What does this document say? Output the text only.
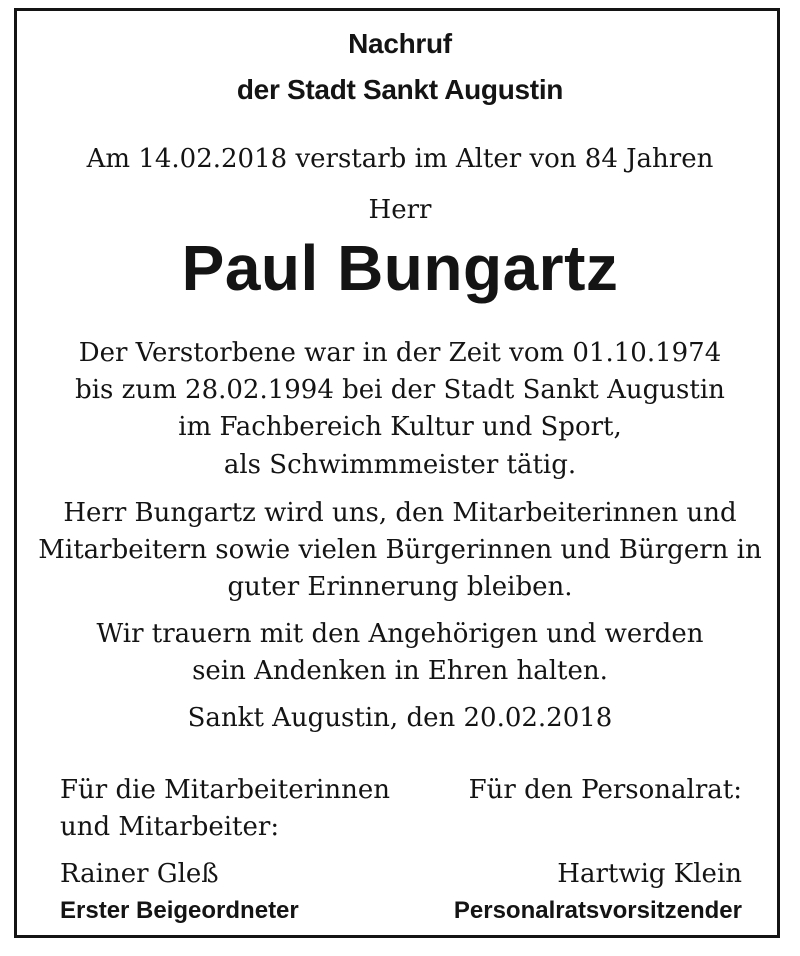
Nachruf
der Stadt Sankt Augustin
Am 14.02.2018 verstarb im Alter von 84 Jahren
Herr
Paul Bungartz
Der Verstorbene war in der Zeit vom 01.10.1974
bis zum 28.02.1994 bei der Stadt Sankt Augustin
im Fachbereich Kultur und Sport,
als Schwimmmeister tätig.
Herr Bungartz wird uns, den Mitarbeiterinnen und
Mitarbeitern sowie vielen Bürgerinnen und Bürgern in
guter Erinnerung bleiben.
Wir trauern mit den Angehörigen und werden
sein Andenken in Ehren halten.
Sankt Augustin, den 20.02.2018
Für die Mitarbeiterinnen
und Mitarbeiter:
Rainer Gleß
Erster Beigeordneter
Für den Personalrat:
Hartwig Klein
Personalratsvorsitzender
